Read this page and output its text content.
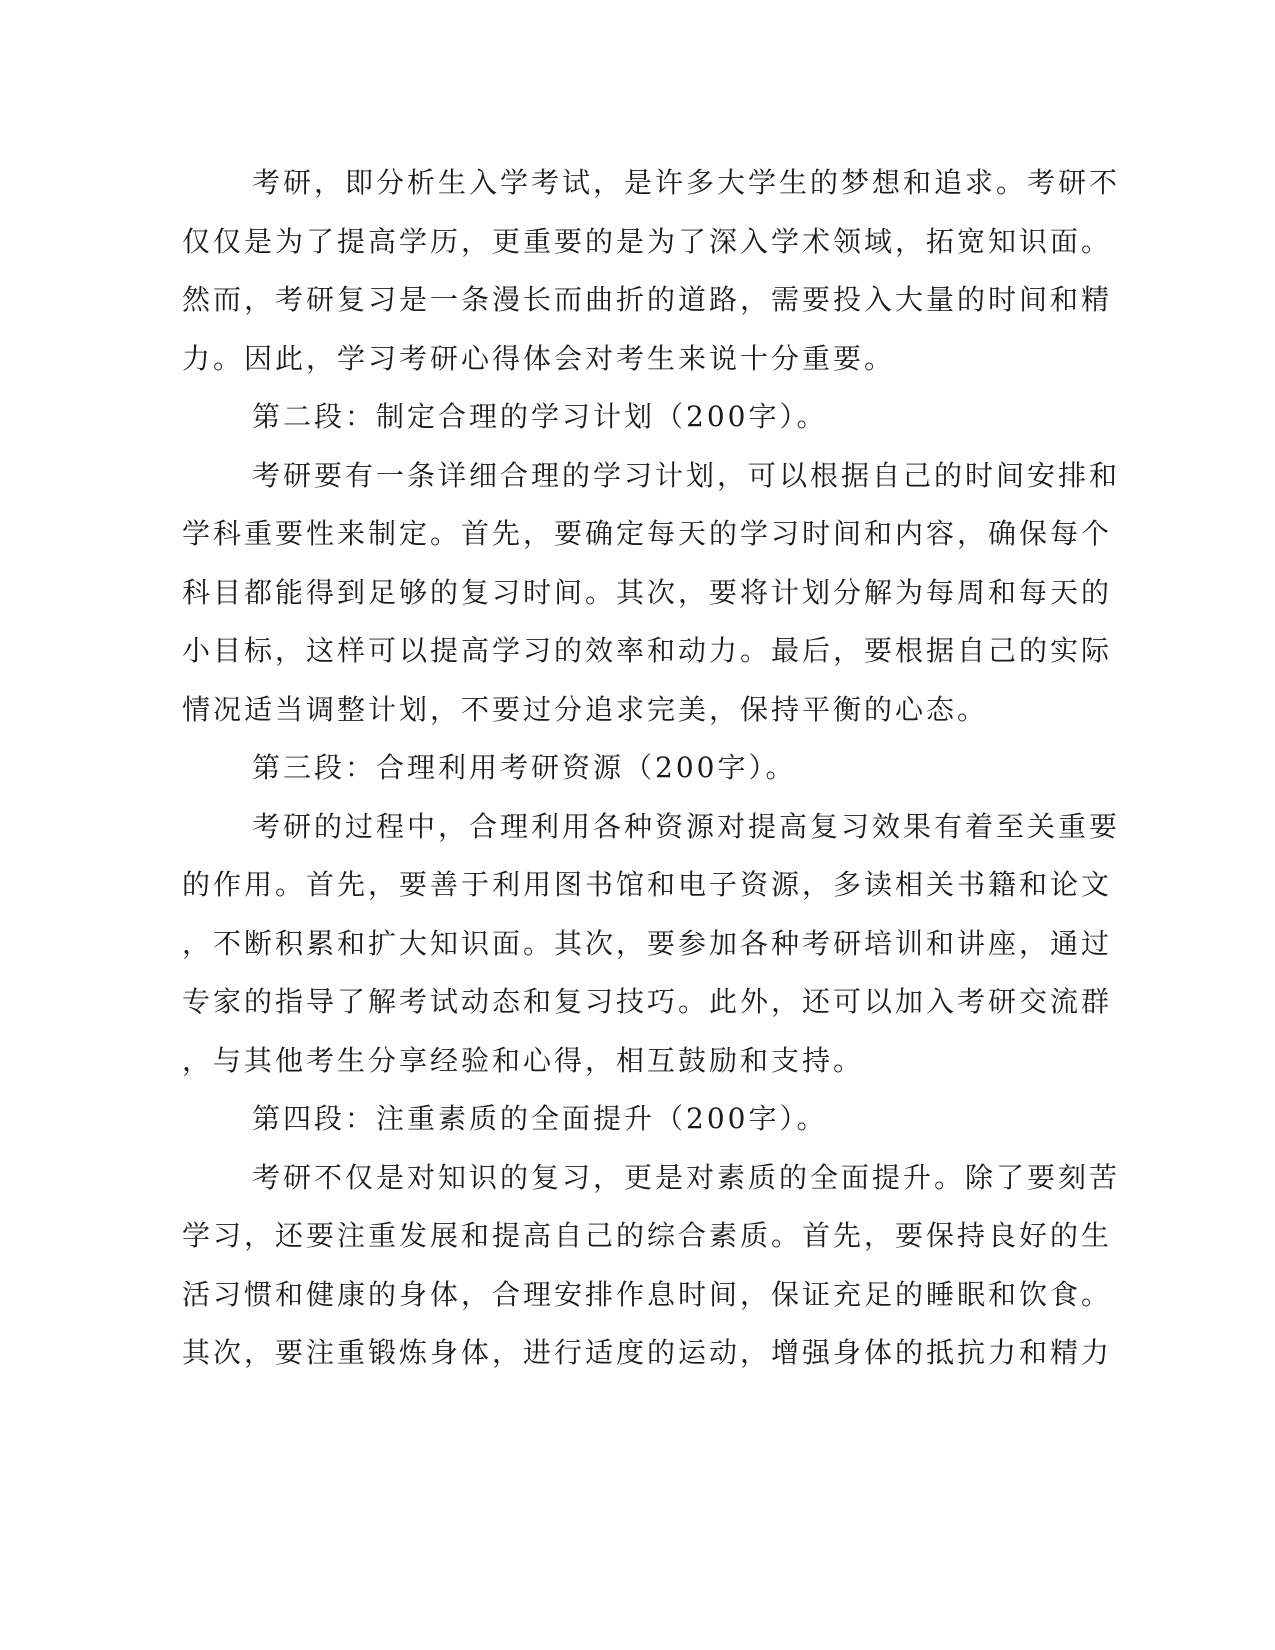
考研，即分析生入学考试，是许多大学生的梦想和追求。考研不
仅仅是为了提高学历，更重要的是为了深入学术领域，拓宽知识面。
然而，考研复习是一条漫长而曲折的道路，需要投入大量的时间和精
力。因此，学习考研心得体会对考生来说十分重要。
第二段：制定合理的学习计划（200字）。
考研要有一条详细合理的学习计划，可以根据自己的时间安排和
学科重要性来制定。首先，要确定每天的学习时间和内容，确保每个
科目都能得到足够的复习时间。其次，要将计划分解为每周和每天的
小目标，这样可以提高学习的效率和动力。最后，要根据自己的实际
情况适当调整计划，不要过分追求完美，保持平衡的心态。
第三段：合理利用考研资源（200字）。
考研的过程中，合理利用各种资源对提高复习效果有着至关重要
的作用。首先，要善于利用图书馆和电子资源，多读相关书籍和论文
，不断积累和扩大知识面。其次，要参加各种考研培训和讲座，通过
专家的指导了解考试动态和复习技巧。此外，还可以加入考研交流群
，与其他考生分享经验和心得，相互鼓励和支持。
第四段：注重素质的全面提升（200字）。
考研不仅是对知识的复习，更是对素质的全面提升。除了要刻苦
学习，还要注重发展和提高自己的综合素质。首先，要保持良好的生
活习惯和健康的身体，合理安排作息时间，保证充足的睡眠和饮食。
其次，要注重锻炼身体，进行适度的运动，增强身体的抵抗力和精力
